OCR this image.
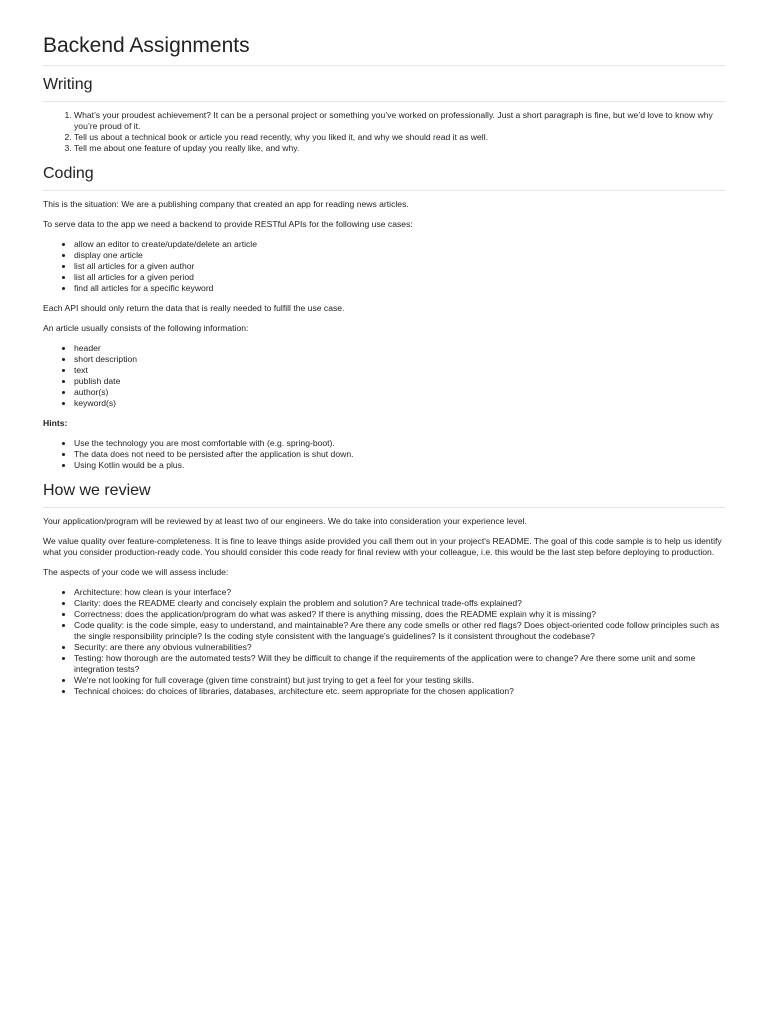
Backend Assignments
Writing
1. What’s your proudest achievement? It can be a personal project or something you’ve worked on professionally. Just a short paragraph is fine, but we’d love to know why you’re proud of it.
2. Tell us about a technical book or article you read recently, why you liked it, and why we should read it as well.
3. Tell me about one feature of upday you really like, and why.
Coding

This is the situation: We are a publishing company that created an app for reading news articles.

To serve data to the app we need a backend to provide RESTful APIs for the following use cases:

• allow an editor to create/update/delete an article
• display one article
• list all articles for a given author
• list all articles for a given period
• find all articles for a specific keyword

Each API should only return the data that is really needed to fulfill the use case.

An article usually consists of the following information:

• header
• short description
• text
• publish date
• author(s)
• keyword(s)

Hints:

• Use the technology you are most comfortable with (e.g. spring-boot).
• The data does not need to be persisted after the application is shut down.
• Using Kotlin would be a plus.
How we review

Your application/program will be reviewed by at least two of our engineers. We do take into consideration your experience level.

We value quality over feature-completeness. It is fine to leave things aside provided you call them out in your project's README. The goal of this code sample is to help us identify what you consider production-ready code. You should consider this code ready for final review with your colleague, i.e. this would be the last step before deploying to production.

The aspects of your code we will assess include:

• Architecture: how clean is your interface?
• Clarity: does the README clearly and concisely explain the problem and solution? Are technical trade-offs explained?
• Correctness: does the application/program do what was asked? If there is anything missing, does the README explain why it is missing?
• Code quality: is the code simple, easy to understand, and maintainable? Are there any code smells or other red flags? Does object-oriented code follow principles such as the single responsibility principle? Is the coding style consistent with the language's guidelines? Is it consistent throughout the codebase?
• Security: are there any obvious vulnerabilities?
• Testing: how thorough are the automated tests? Will they be difficult to change if the requirements of the application were to change? Are there some unit and some integration tests?
• We're not looking for full coverage (given time constraint) but just trying to get a feel for your testing skills.
• Technical choices: do choices of libraries, databases, architecture etc. seem appropriate for the chosen application?
